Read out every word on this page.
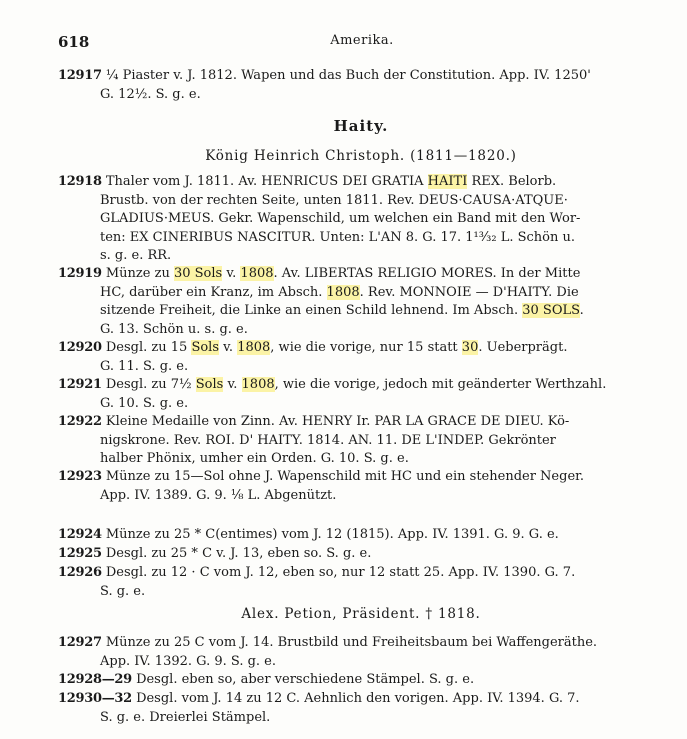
618	Amerika.
12917 ¼ Piaster v. J. 1812. Wapen und das Buch der Constitution. App. IV. 1250'
G. 12½. S. g. e.
Haity.
König Heinrich Christoph. (1811—1820.)
12918 Thaler vom J. 1811. Av. HENRICUS DEI GRATIA HAITI REX. Belorb.
Brustb. von der rechten Seite, unten 1811. Rev. DEUS·CAUSA·ATQUE·
GLADIUS·MEUS. Gekr. Wapenschild, um welchen ein Band mit den Wor-
ten: EX CINERIBUS NASCITUR. Unten: L'AN 8. G. 17. 1¹³⁄₃₂ L. Schön u.
s. g. e. RR.
12919 Münze zu 30 Sols v. 1808. Av. LIBERTAS RELIGIO MORES. In der Mitte
HC, darüber ein Kranz, im Absch. 1808. Rev. MONNOIE — D'HAITY. Die
sitzende Freiheit, die Linke an einen Schild lehnend. Im Absch. 30 SOLS.
G. 13. Schön u. s. g. e.
12920 Desgl. zu 15 Sols v. 1808, wie die vorige, nur 15 statt 30. Ueberprägt.
G. 11. S. g. e.
12921 Desgl. zu 7½ Sols v. 1808, wie die vorige, jedoch mit geänderter Werthzahl.
G. 10. S. g. e.
12922 Kleine Medaille von Zinn. Av. HENRY Ir. PAR LA GRACE DE DIEU. Kö-
nigskrone. Rev. ROI. D' HAITY. 1814. AN. 11. DE L'INDEP. Gekrönter
halber Phönix, umher ein Orden. G. 10. S. g. e.
12923 Münze zu 15—Sol ohne J. Wapenschild mit HC und ein stehender Neger.
App. IV. 1389. G. 9. ⅛ L. Abgenützt.
12924 Münze zu 25 * C(entimes) vom J. 12 (1815). App. IV. 1391. G. 9. G. e.
12925 Desgl. zu 25 * C v. J. 13, eben so. S. g. e.
12926 Desgl. zu 12 · C vom J. 12, eben so, nur 12 statt 25. App. IV. 1390. G. 7.
S. g. e.
Alex. Petion, Präsident. † 1818.
12927 Münze zu 25 C vom J. 14. Brustbild und Freiheitsbaum bei Waffengeräthe.
App. IV. 1392. G. 9. S. g. e.
12928—29 Desgl. eben so, aber verschiedene Stämpel. S. g. e.
12930—32 Desgl. vom J. 14 zu 12 C. Aehnlich den vorigen. App. IV. 1394. G. 7.
S. g. e. Dreierlei Stämpel.
